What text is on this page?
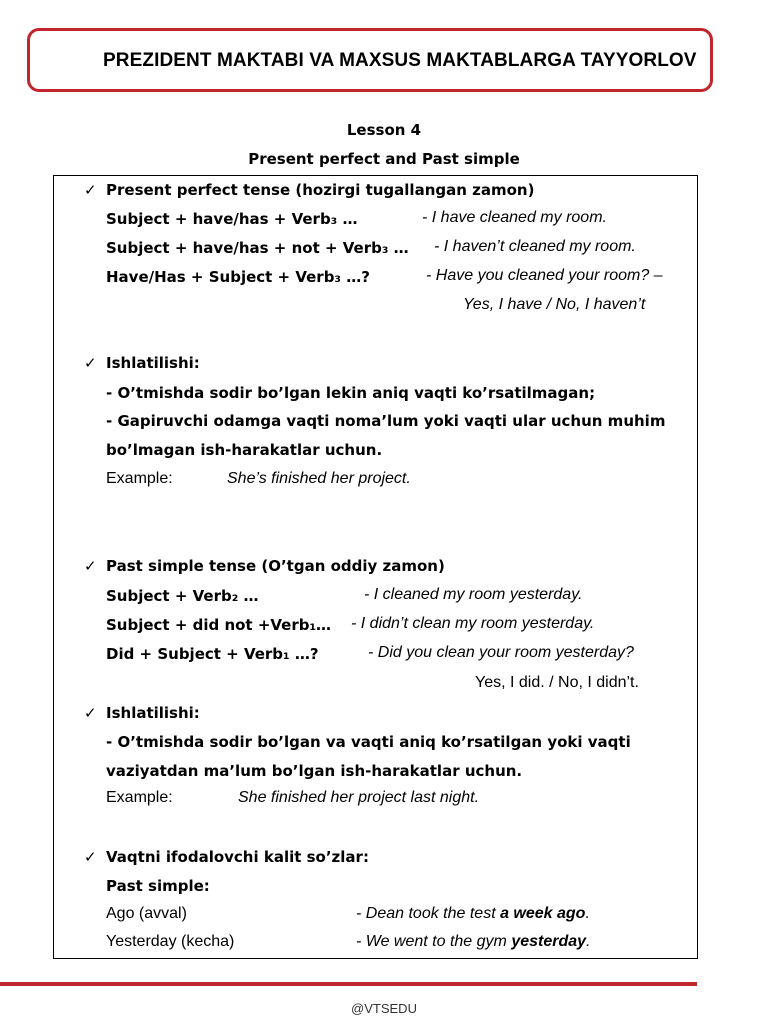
PREZIDENT MAKTABI VA MAXSUS MAKTABLARGA TAYYORLOV
Lesson 4
Present perfect and Past simple
✓ Present perfect tense (hozirgi tugallangan zamon)
Subject + have/has + Verb₃ …	- I have cleaned my room.
Subject + have/has + not + Verb₃ … - I haven’t cleaned my room.
Have/Has + Subject + Verb₃ …?	- Have you cleaned your room? –
Yes, I have / No, I haven’t
✓ Ishlatilishi:
- O’tmishda sodir bo’lgan lekin aniq vaqti ko’rsatilmagan;
- Gapiruvchi odamga vaqti noma’lum yoki vaqti ular uchun muhim
bo’lmagan ish-harakatlar uchun.
Example:	She’s finished her project.
✓ Past simple tense (O’tgan oddiy zamon)
Subject + Verb₂ …	- I cleaned my room yesterday.
Subject + did not +Verb₁… - I didn’t clean my room yesterday.
Did + Subject + Verb₁ …?	- Did you clean your room yesterday?
Yes, I did. / No, I didn’t.
✓ Ishlatilishi:
- O’tmishda sodir bo’lgan va vaqti aniq ko’rsatilgan yoki vaqti
vaziyatdan ma’lum bo’lgan ish-harakatlar uchun.
Example:	She finished her project last night.
✓ Vaqtni ifodalovchi kalit so’zlar:
Past simple:
Ago (avval)	- Dean took the test a week ago.
Yesterday (kecha)	- We went to the gym yesterday.
@VTSEDU
